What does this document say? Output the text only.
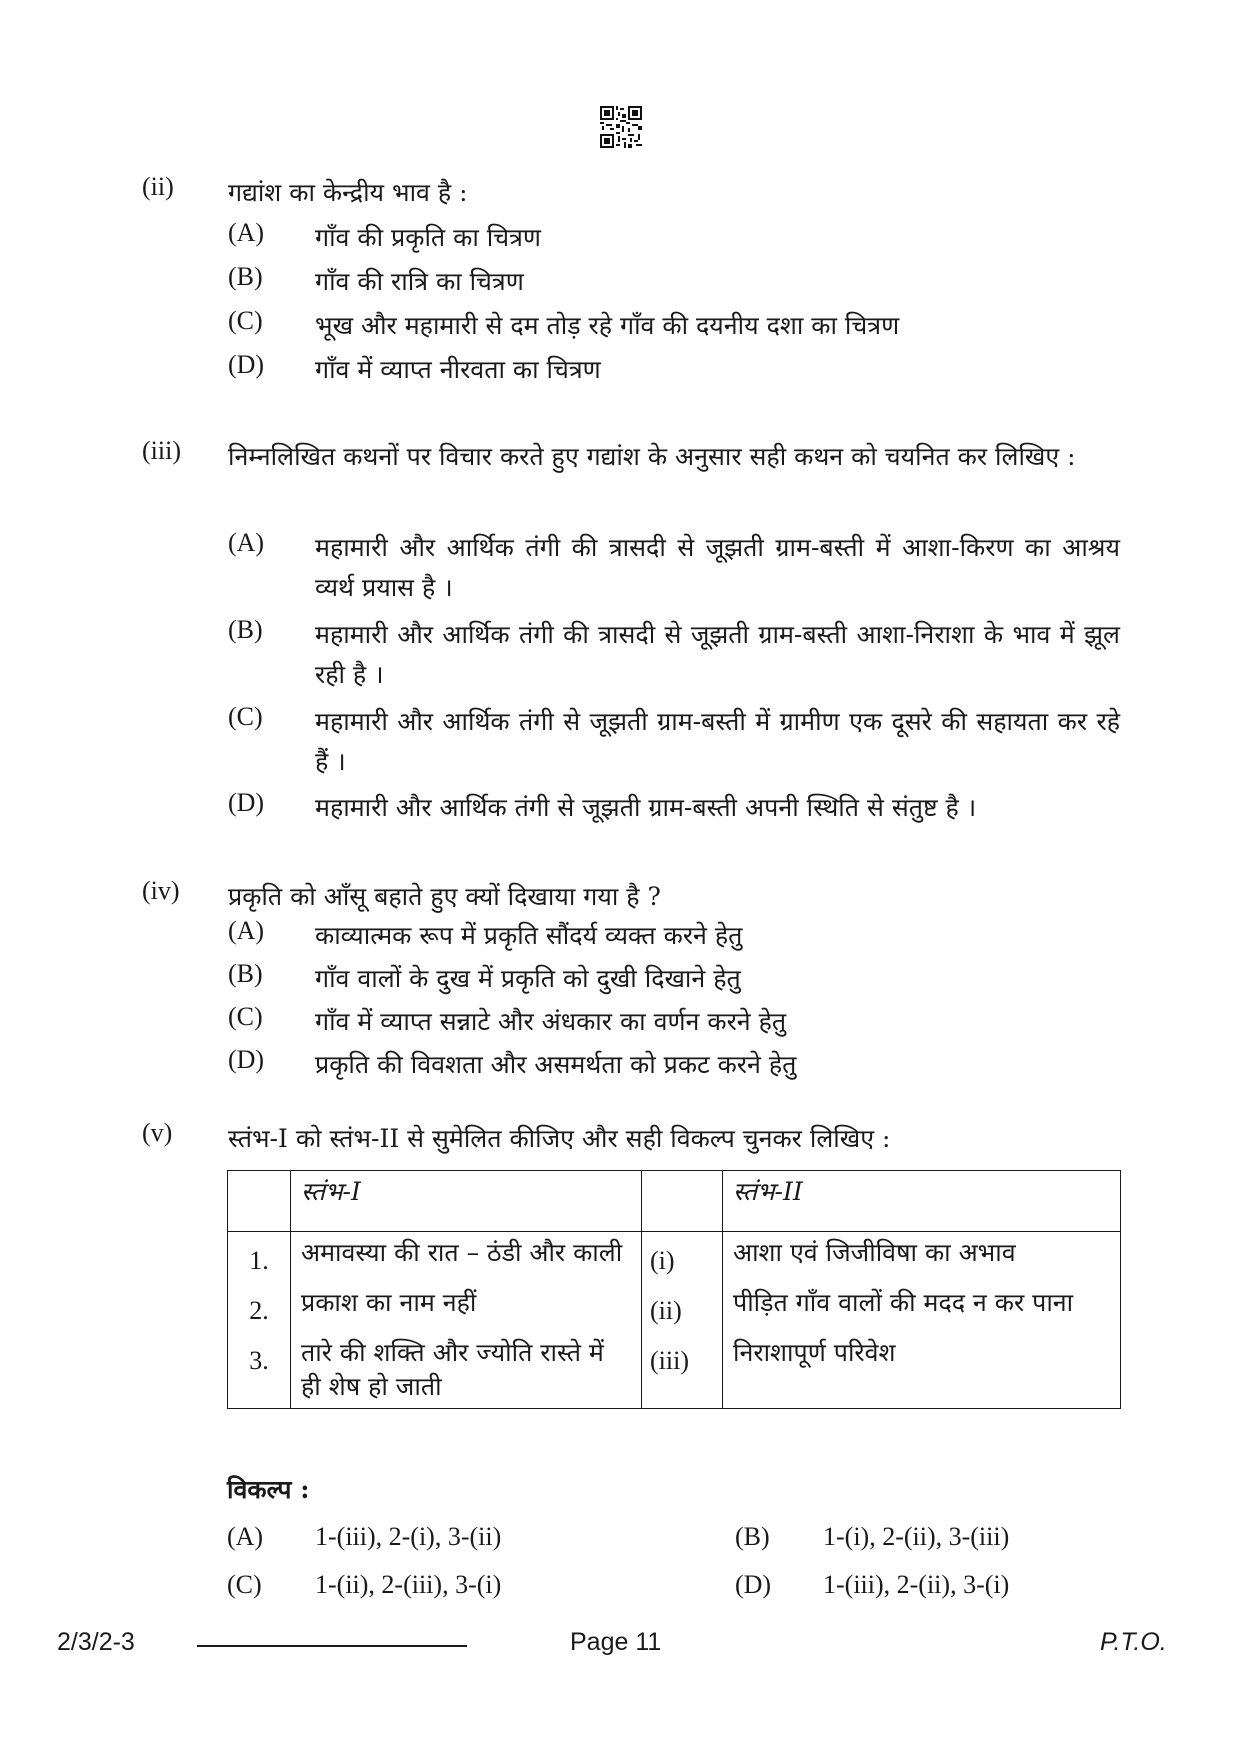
(ii)	गद्यांश का केन्द्रीय भाव है :
(A)	गाँव की प्रकृति का चित्रण
(B)	गाँव की रात्रि का चित्रण
(C)	भूख और महामारी से दम तोड़ रहे गाँव की दयनीय दशा का चित्रण
(D)	गाँव में व्याप्त नीरवता का चित्रण
(iii)	निम्नलिखित कथनों पर विचार करते हुए गद्यांश के अनुसार सही कथन को चयनित कर लिखिए :
(A)	महामारी और आर्थिक तंगी की त्रासदी से जूझती ग्राम-बस्ती में आशा-किरण का आश्रय व्यर्थ प्रयास है ।
(B)	महामारी और आर्थिक तंगी की त्रासदी से जूझती ग्राम-बस्ती आशा-निराशा के भाव में झूल रही है ।
(C)	महामारी और आर्थिक तंगी से जूझती ग्राम-बस्ती में ग्रामीण एक दूसरे की सहायता कर रहे हैं ।
(D)	महामारी और आर्थिक तंगी से जूझती ग्राम-बस्ती अपनी स्थिति से संतुष्ट है ।
(iv)	प्रकृति को आँसू बहाते हुए क्यों दिखाया गया है ?
(A)	काव्यात्मक रूप में प्रकृति सौंदर्य व्यक्त करने हेतु
(B)	गाँव वालों के दुख में प्रकृति को दुखी दिखाने हेतु
(C)	गाँव में व्याप्त सन्नाटे और अंधकार का वर्णन करने हेतु
(D)	प्रकृति की विवशता और असमर्थता को प्रकट करने हेतु
(v)	स्तंभ-I को स्तंभ-II से सुमेलित कीजिए और सही विकल्प चुनकर लिखिए :
	स्तंभ-I		स्तंभ-II
1.	अमावस्या की रात – ठंडी और काली	(i)	आशा एवं जिजीविषा का अभाव
2.	प्रकाश का नाम नहीं	(ii)	पीड़ित गाँव वालों की मदद न कर पाना
3.	तारे की शक्ति और ज्योति रास्ते में ही शेष हो जाती	(iii)	निराशापूर्ण परिवेश
विकल्प :
(A) 1-(iii), 2-(i), 3-(ii)	(B) 1-(i), 2-(ii), 3-(iii)
(C) 1-(ii), 2-(iii), 3-(i)	(D) 1-(iii), 2-(ii), 3-(i)
2/3/2-3	Page 11	P.T.O.
